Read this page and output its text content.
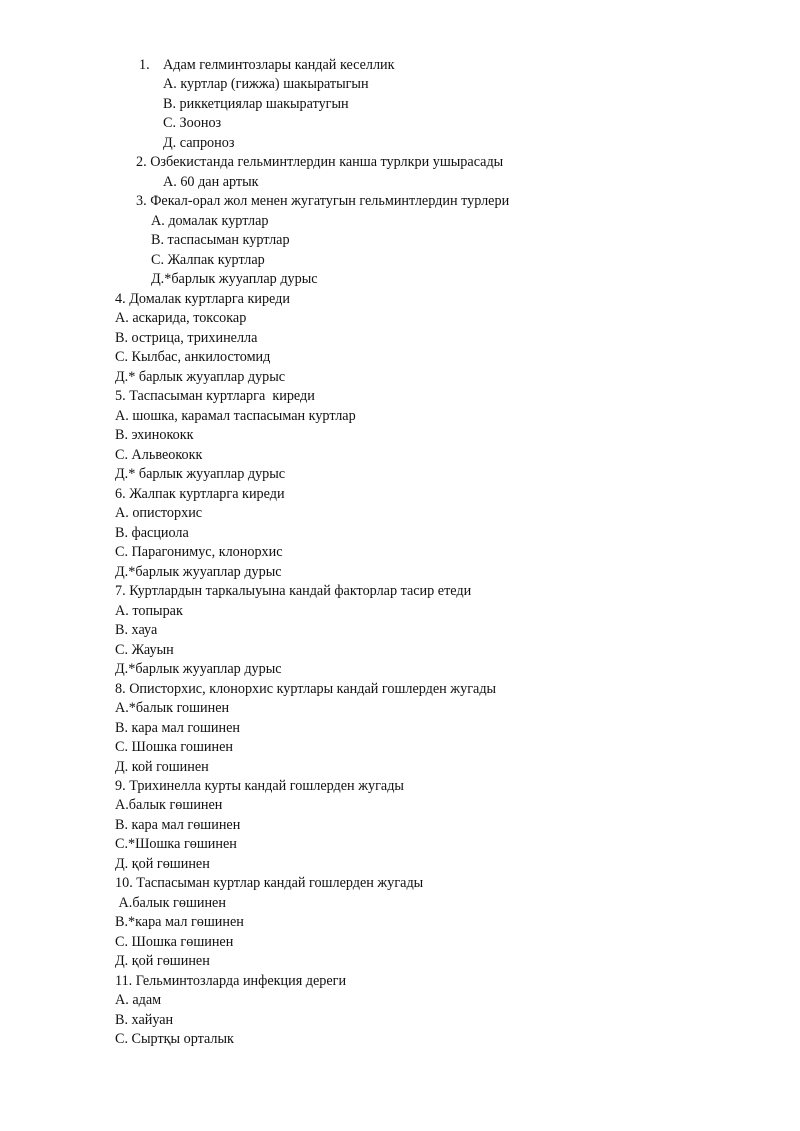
1. Адам гелминтозлары кандай кеселлик
А. куртлар (гижжа) шакыратыгын
В. риккетциялар шакыратугын
С. Зооноз
Д. сапроноз
2. Озбекистанда гельминтлердин канша турлкри ушырасады
А. 60 дан артык
3. Фекал-орал жол менен жугатугын гельминтлердин турлери
А. домалак куртлар
В. таспасыман куртлар
С. Жалпак куртлар
Д.*барлык жууаплар дурыс
4. Домалак куртларга киреди
А. аскарида, токсокар
В. острица, трихинелла
С. Кылбас, анкилостомид
Д.* барлык жууаплар дурыс
5. Таспасыман куртларга  киреди
А. шошка, карамал таспасыман куртлар
В. эхинококк
С. Альвеококк
Д.* барлык жууаплар дурыс
6. Жалпак куртларга киреди
А. описторхис
В. фасциола
С. Парагонимус, клонорхис
Д.*барлык жууаплар дурыс
7. Куртлардын таркалыуына кандай факторлар тасир етеди
А. топырак
В. хауа
С. Жауын
Д.*барлык жууаплар дурыс
8. Описторхис, клонорхис куртлары кандай гошлерден жугады
А.*балык гошинен
В. кара мал гошинен
С. Шошка гошинен
Д. кой гошинен
9. Трихинелла курты кандай гошлерден жугады
А.балык гөшинен
В. кара мал гөшинен
С.*Шошка гөшинен
Д. қой гөшинен
10. Таспасыман куртлар кандай гошлерден жугады
А.балык гөшинен
В.*кара мал гөшинен
С. Шошка гөшинен
Д. қой гөшинен
11. Гельминтозларда инфекция дереги
А. адам
В. хайуан
С. Сыртқы орталык
